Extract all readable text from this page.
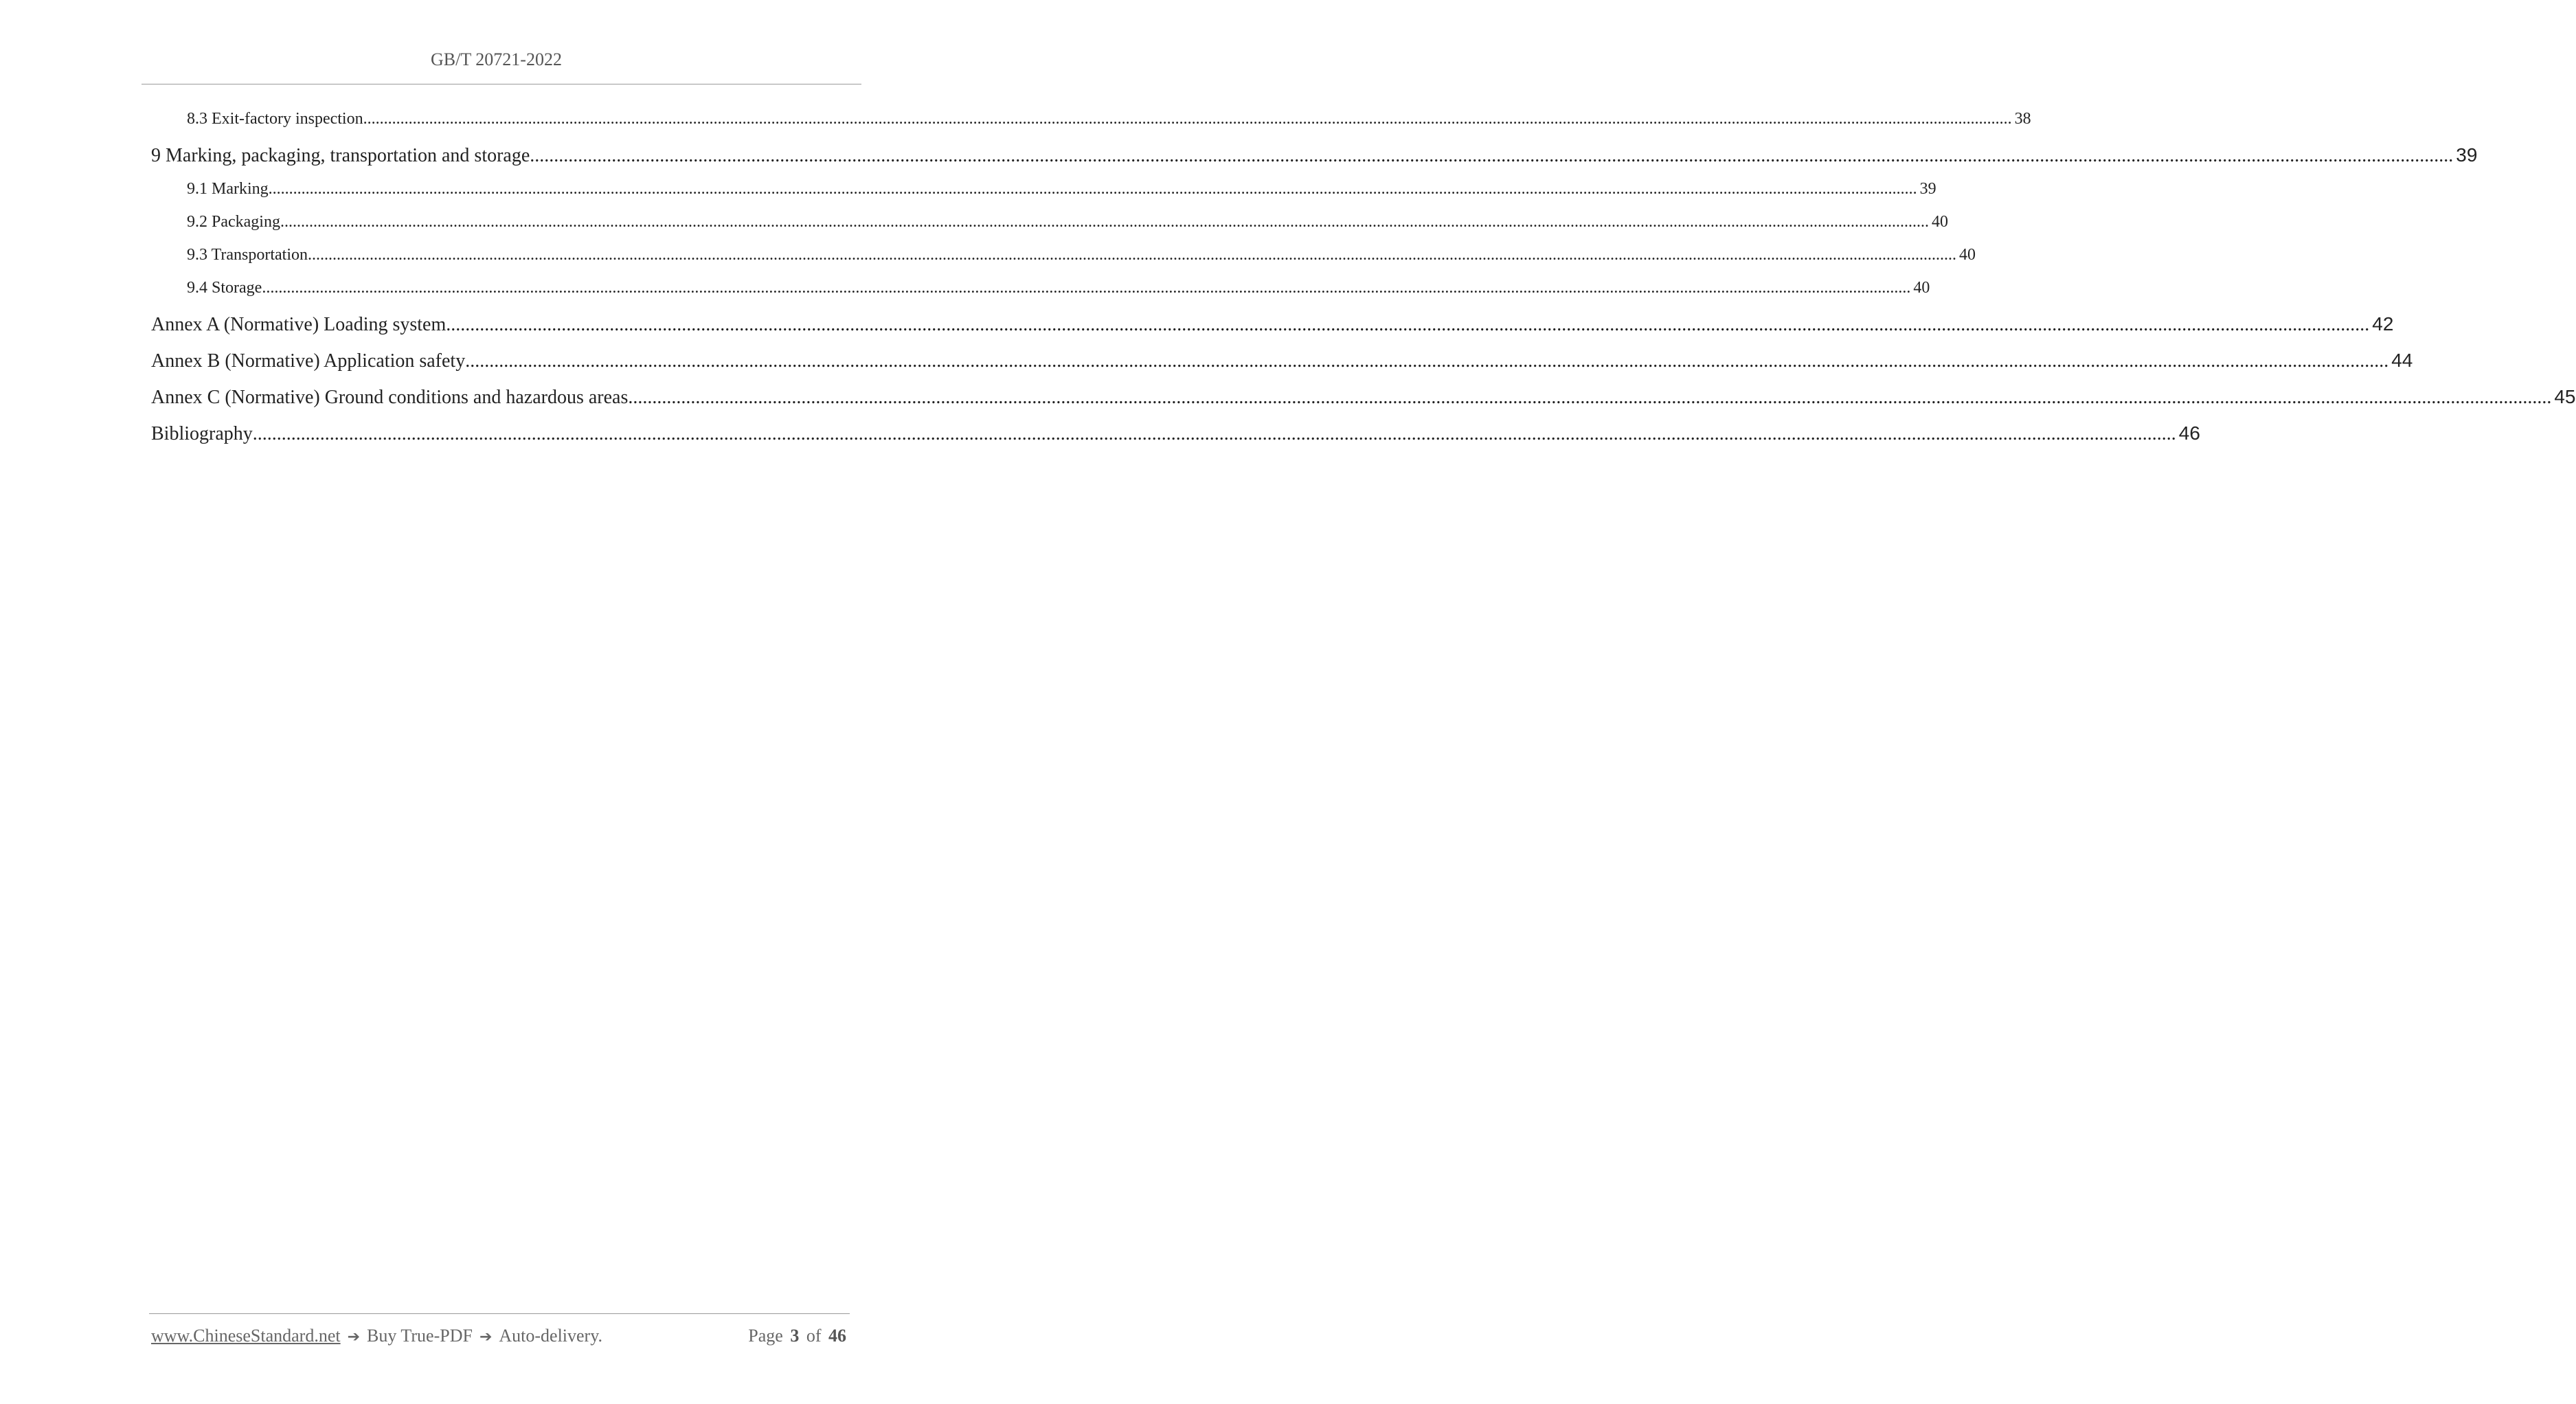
GB/T 20721-2022
8.3 Exit-factory inspection ................................................................................................................................................................................................................................................................................................................................................................................................................ 38
9 Marking, packaging, transportation and storage ................................................................................................................................................................................................................................................................................................................................................................................................................ 39
9.1 Marking ................................................................................................................................................................................................................................................................................................................................................................................................................ 39
9.2 Packaging ................................................................................................................................................................................................................................................................................................................................................................................................................ 40
9.3 Transportation ................................................................................................................................................................................................................................................................................................................................................................................................................ 40
9.4 Storage ................................................................................................................................................................................................................................................................................................................................................................................................................ 40
Annex A (Normative) Loading system ................................................................................................................................................................................................................................................................................................................................................................................................................ 42
Annex B (Normative) Application safety ................................................................................................................................................................................................................................................................................................................................................................................................................ 44
Annex C (Normative) Ground conditions and hazardous areas ................................................................................................................................................................................................................................................................................................................................................................................................................ 45
Bibliography ................................................................................................................................................................................................................................................................................................................................................................................................................ 46
www.ChineseStandard.net ➔ Buy True-PDF ➔ Auto-delivery.	Page 3 of 46
